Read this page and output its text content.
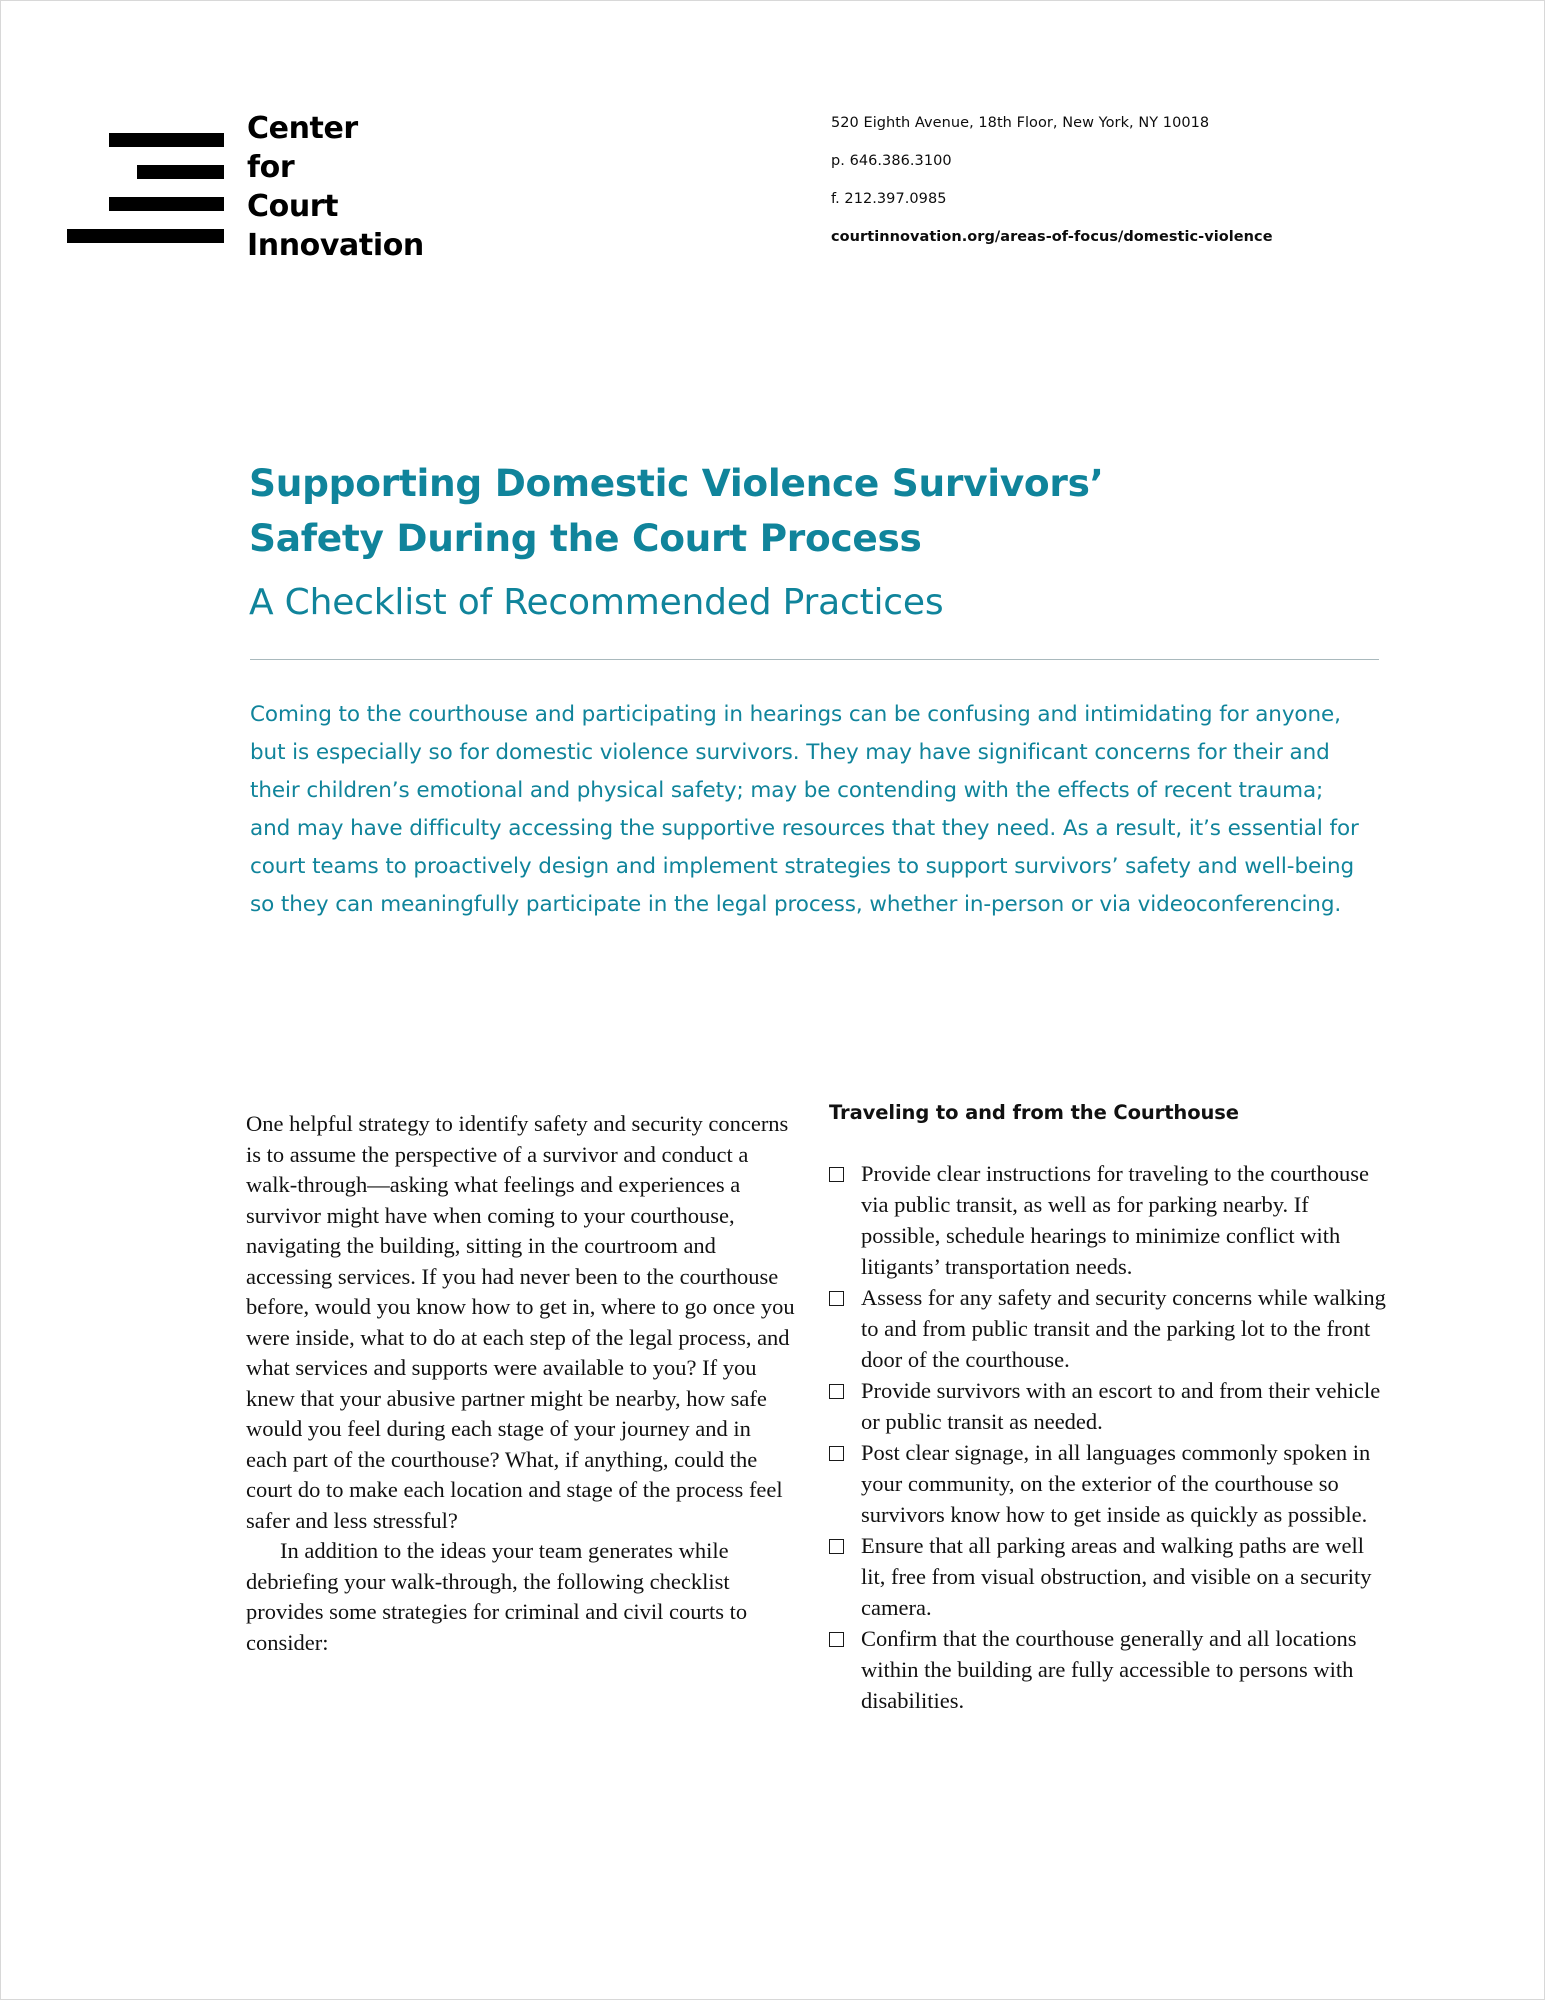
Center
for
Court
Innovation
520 Eighth Avenue, 18th Floor, New York, NY 10018
p. 646.386.3100
f. 212.397.0985
courtinnovation.org/areas-of-focus/domestic-violence
Supporting Domestic Violence Survivors’
Safety During the Court Process
A Checklist of Recommended Practices
Coming to the courthouse and participating in hearings can be confusing and intimidating for anyone, but is especially so for domestic violence survivors. They may have significant concerns for their and their children’s emotional and physical safety; may be contending with the effects of recent trauma; and may have difficulty accessing the supportive resources that they need. As a result, it’s essential for court teams to proactively design and implement strategies to support survivors’ safety and well-being so they can meaningfully participate in the legal process, whether in-person or via videoconferencing.

One helpful strategy to identify safety and security concerns is to assume the perspective of a survivor and conduct a walk-through—asking what feelings and experiences a survivor might have when coming to your courthouse, navigating the building, sitting in the courtroom and accessing services. If you had never been to the courthouse before, would you know how to get in, where to go once you were inside, what to do at each step of the legal process, and what services and supports were available to you? If you knew that your abusive partner might be nearby, how safe would you feel during each stage of your journey and in each part of the courthouse? What, if anything, could the court do to make each location and stage of the process feel safer and less stressful?

In addition to the ideas your team generates while debriefing your walk-through, the following checklist provides some strategies for criminal and civil courts to consider:

Traveling to and from the Courthouse
Provide clear instructions for traveling to the courthouse via public transit, as well as for parking nearby. If possible, schedule hearings to minimize conflict with litigants’ transportation needs.
Assess for any safety and security concerns while walking to and from public transit and the parking lot to the front door of the courthouse.
Provide survivors with an escort to and from their vehicle or public transit as needed.
Post clear signage, in all languages commonly spoken in your community, on the exterior of the courthouse so survivors know how to get inside as quickly as possible.
Ensure that all parking areas and walking paths are well lit, free from visual obstruction, and visible on a security camera.
Confirm that the courthouse generally and all locations within the building are fully accessible to persons with disabilities.
